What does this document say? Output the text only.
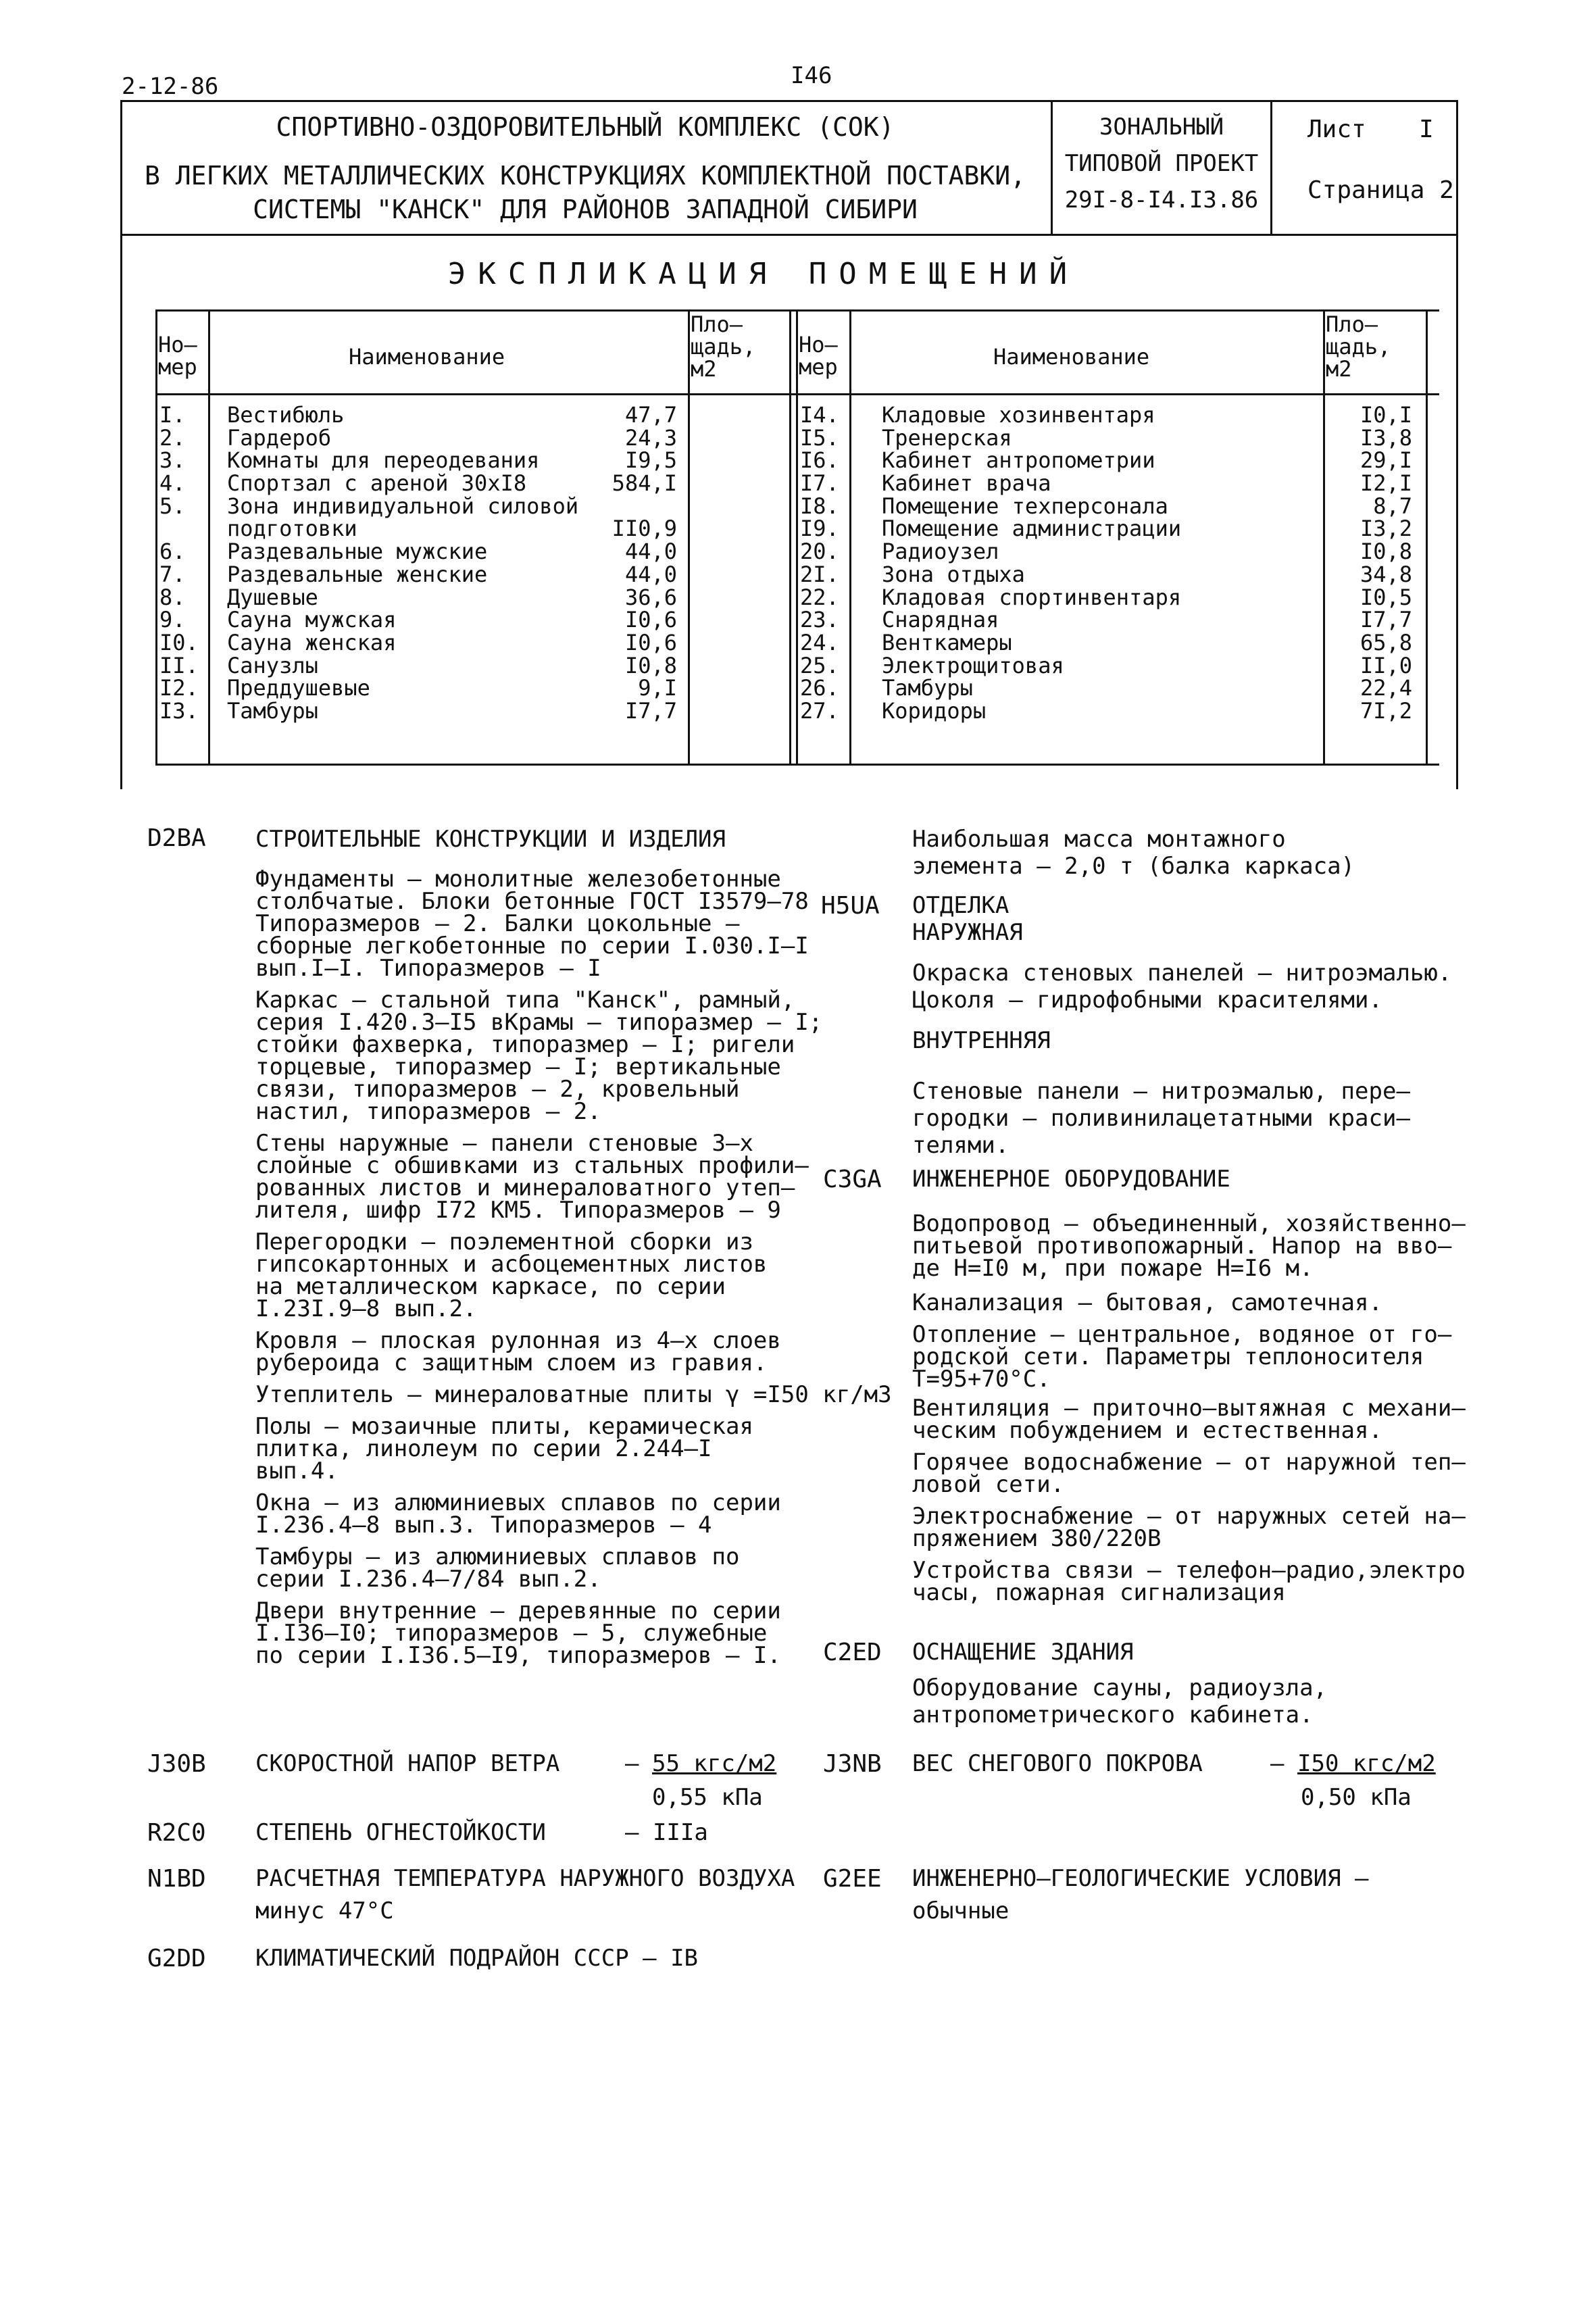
2-12-86	I46
СПОРТИВНО-ОЗДОРОВИТЕЛЬНЫЙ КОМПЛЕКС (СОК)
В ЛЕГКИХ МЕТАЛЛИЧЕСКИХ КОНСТРУКЦИЯХ КОМПЛЕКТНОЙ ПОСТАВКИ,
СИСТЕМЫ "КАНСК" ДЛЯ РАЙОНОВ ЗАПАДНОЙ СИБИРИ
ЗОНАЛЬНЫЙ
ТИПОВОЙ ПРОЕКТ
29I-8-I4.I3.86
Лист I
Страница 2
ЭКСПЛИКАЦИЯ ПОМЕЩЕНИЙ
Но–
мер	Наименование
Пло–
щадь,
м2
Но–
мер	Наименование
Пло–
щадь,
м2
I. Вестибюль	47,7
2. Гардероб	24,3
3. Комнаты для переодевания	I9,5
4. Спортзал с ареной 30хI8	584,I
5. Зона индивидуальной силовой
подготовки	II0,9
6. Раздевальные мужские	44,0
7. Раздевальные женские	44,0
8. Душевые	36,6
9. Сауна мужская	I0,6
I0. Сауна женская	I0,6
II. Санузлы	I0,8
I2. Преддушевые	9,I
I3. Тамбуры	I7,7
I4. Кладовые хозинвентаря	I0,I
I5. Тренерская	I3,8
I6. Кабинет антропометрии	29,I
I7. Кабинет врача	I2,I
I8. Помещение техперсонала	8,7
I9. Помещение администрации	I3,2
20. Радиоузел	I0,8
2I. Зона отдыха	34,8
22. Кладовая спортинвентаря	I0,5
23. Снарядная	I7,7
24. Венткамеры	65,8
25. Электрощитовая	II,0
26. Тамбуры	22,4
27. Коридоры	7I,2
D2BA СТРОИТЕЛЬНЫЕ КОНСТРУКЦИИ И ИЗДЕЛИЯ
Фундаменты – монолитные железобетонные
столбчатые. Блоки бетонные ГОСТ I3579–78
Типоразмеров – 2. Балки цокольные –
сборные легкобетонные по серии I.030.I–I
вып.I–I. Типоразмеров – I
Каркас – стальной типа "Канск", рамный,
серия I.420.3–I5 вКрамы – типоразмер – I;
стойки фахверка, типоразмер – I; ригели
торцевые, типоразмер – I; вертикальные
связи, типоразмеров – 2, кровельный
настил, типоразмеров – 2.
Стены наружные – панели стеновые 3–х
слойные с обшивками из стальных профили–
рованных листов и минераловатного утеп–
лителя, шифр I72 КМ5. Типоразмеров – 9
Перегородки – поэлементной сборки из
гипсокартонных и асбоцементных листов
на металлическом каркасе, по серии
I.23I.9–8 вып.2.
Кровля – плоская рулонная из 4–х слоев
рубероида с защитным слоем из гравия.
Утеплитель – минераловатные плиты γ =I50 кг/м3
Полы – мозаичные плиты, керамическая
плитка, линолеум по серии 2.244–I
вып.4.
Окна – из алюминиевых сплавов по серии
I.236.4–8 вып.3. Типоразмеров – 4
Тамбуры – из алюминиевых сплавов по
серии I.236.4–7/84 вып.2.
Двери внутренние – деревянные по серии
I.I36–I0; типоразмеров – 5, служебные
по серии I.I36.5–I9, типоразмеров – I.
Наибольшая масса монтажного
элемента – 2,0 т (балка каркаса)
H5UA ОТДЕЛКА
НАРУЖНАЯ
Окраска стеновых панелей – нитроэмалью.
Цоколя – гидрофобными красителями.
ВНУТРЕННЯЯ
Стеновые панели – нитроэмалью, пере–
городки – поливинилацетатными краси–
телями.
C3GA ИНЖЕНЕРНОЕ ОБОРУДОВАНИЕ
Водопровод – объединенный, хозяйственно–
питьевой противопожарный. Напор на вво–
де Н=I0 м, при пожаре Н=I6 м.
Канализация – бытовая, самотечная.
Отопление – центральное, водяное от го–
родской сети. Параметры теплоносителя
Т=95+70°С.
Вентиляция – приточно–вытяжная с механи–
ческим побуждением и естественная.
Горячее водоснабжение – от наружной теп–
ловой сети.
Электроснабжение – от наружных сетей на–
пряжением 380/220В
Устройства связи – телефон–радио,электро
часы, пожарная сигнализация
C2ED ОСНАЩЕНИЕ ЗДАНИЯ
Оборудование сауны, радиоузла,
антропометрического кабинета.
J30B СКОРОСТНОЙ НАПОР ВЕТРА	– 55 кгс/м2
0,55 кПа
J3NB ВЕС СНЕГОВОГО ПОКРОВА	– I50 кгс/м2
0,50 кПа
R2C0 СТЕПЕНЬ ОГНЕСТОЙКОСТИ	– IIIа
N1BD РАСЧЕТНАЯ ТЕМПЕРАТУРА НАРУЖНОГО ВОЗДУХА
минус 47°С
G2EE ИНЖЕНЕРНО–ГЕОЛОГИЧЕСКИЕ УСЛОВИЯ –
обычные
G2DD КЛИМАТИЧЕСКИЙ ПОДРАЙОН СССР – IВ
